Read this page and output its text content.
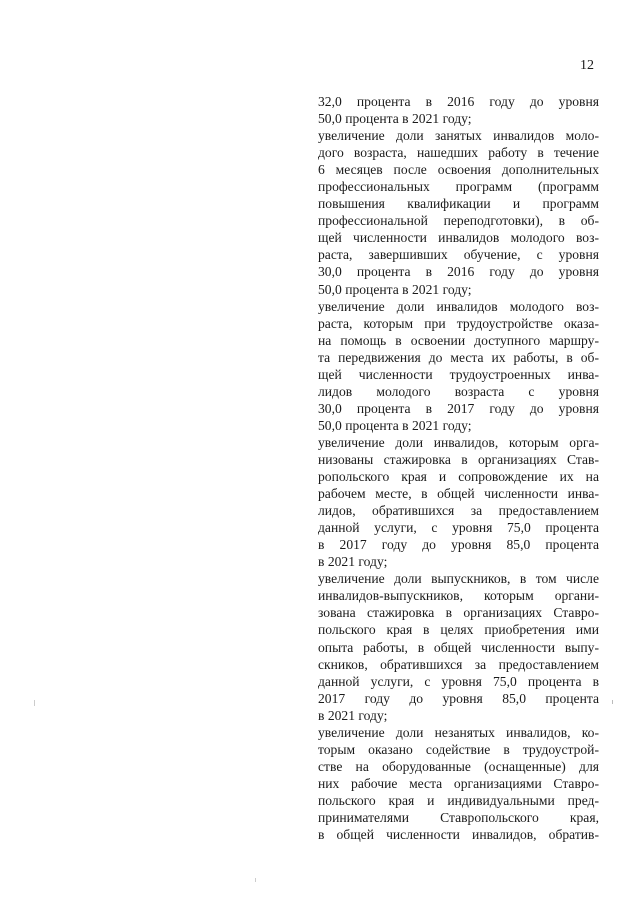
12
32,0 процента в 2016 году до уровня
50,0 процента в 2021 году;
увеличение доли занятых инвалидов моло-
дого возраста, нашедших работу в течение
6 месяцев после освоения дополнительных
профессиональных программ (программ
повышения квалификации и программ
профессиональной переподготовки), в об-
щей численности инвалидов молодого воз-
раста, завершивших обучение, с уровня
30,0 процента в 2016 году до уровня
50,0 процента в 2021 году;
увеличение доли инвалидов молодого воз-
раста, которым при трудоустройстве оказа-
на помощь в освоении доступного маршру-
та передвижения до места их работы, в об-
щей численности трудоустроенных инва-
лидов молодого возраста с уровня
30,0 процента в 2017 году до уровня
50,0 процента в 2021 году;
увеличение доли инвалидов, которым орга-
низованы стажировка в организациях Став-
ропольского края и сопровождение их на
рабочем месте, в общей численности инва-
лидов, обратившихся за предоставлением
данной услуги, с уровня 75,0 процента
в 2017 году до уровня 85,0 процента
в 2021 году;
увеличение доли выпускников, в том числе
инвалидов-выпускников, которым органи-
зована стажировка в организациях Ставро-
польского края в целях приобретения ими
опыта работы, в общей численности выпу-
скников, обратившихся за предоставлением
данной услуги, с уровня 75,0 процента в
2017 году до уровня 85,0 процента
в 2021 году;
увеличение доли незанятых инвалидов, ко-
торым оказано содействие в трудоустрой-
стве на оборудованные (оснащенные) для
них рабочие места организациями Ставро-
польского края и индивидуальными пред-
принимателями Ставропольского края,
в общей численности инвалидов, обратив-
